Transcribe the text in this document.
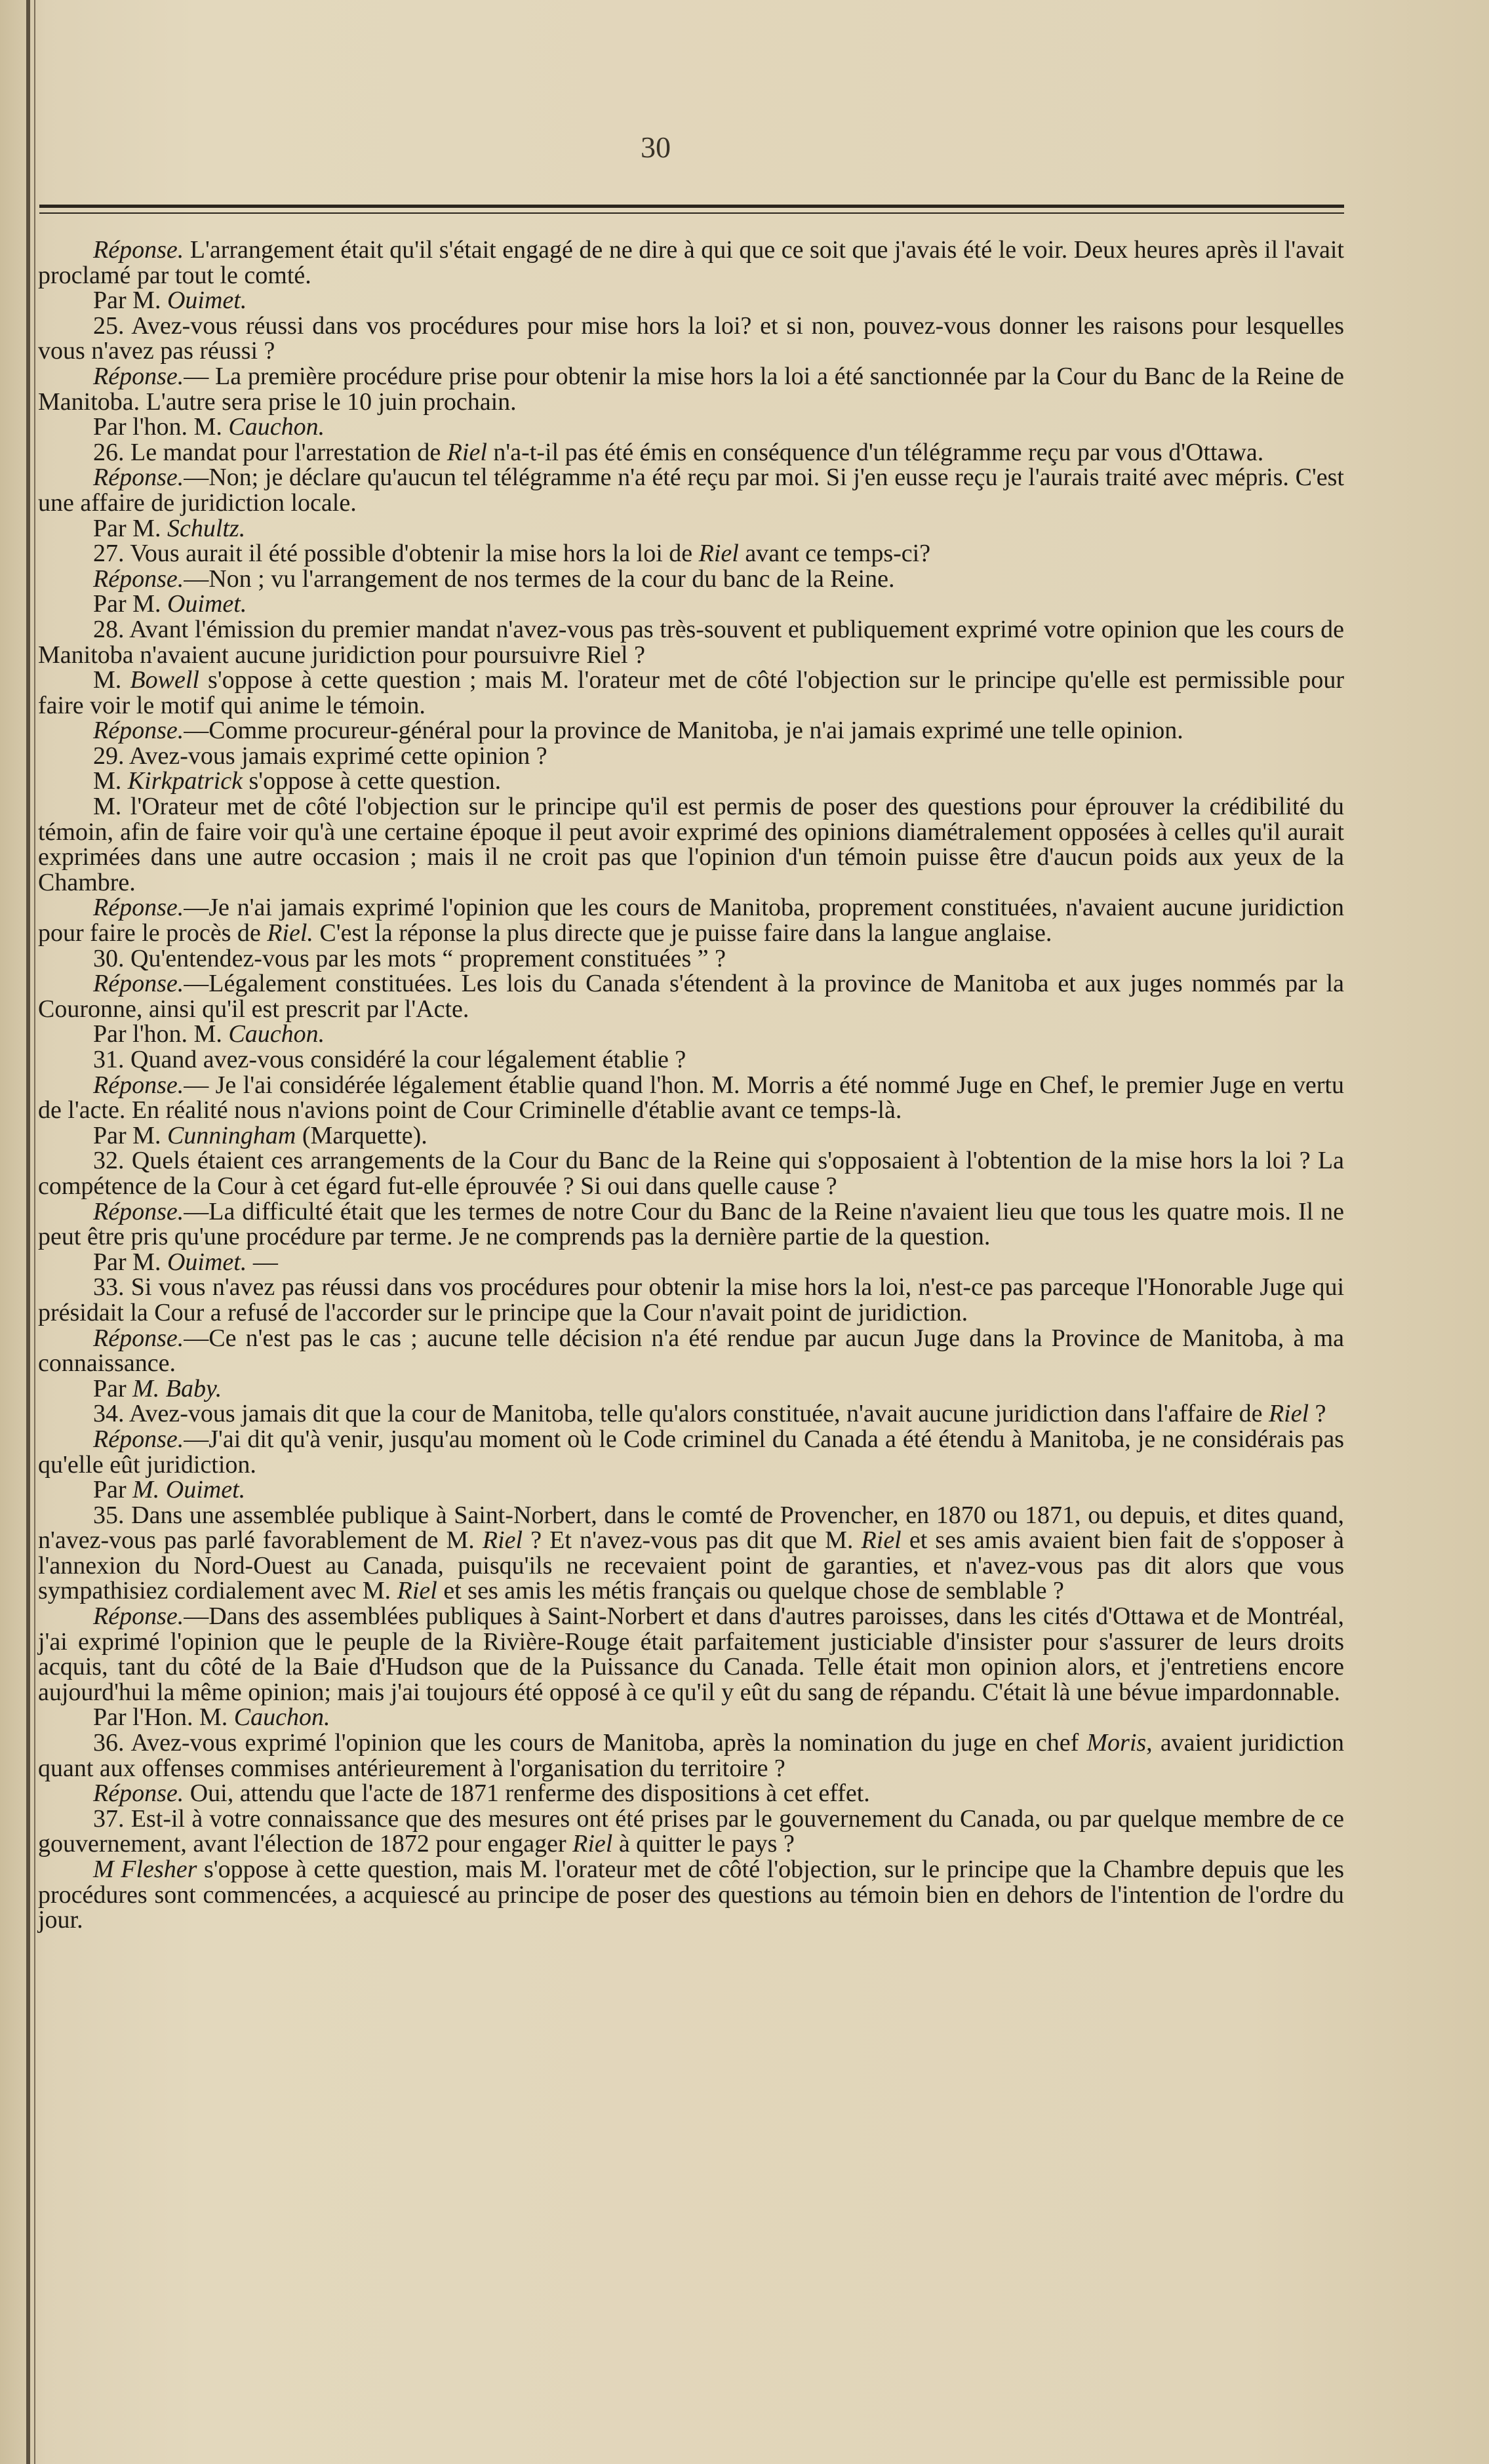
30

Réponse. L'arrangement était qu'il s'était engagé de ne dire à qui que ce soit que j'avais été le voir. Deux heures après il l'avait proclamé par tout le comté.

Par M. Ouimet.

25. Avez-vous réussi dans vos procédures pour mise hors la loi? et si non, pouvez-vous donner les raisons pour lesquelles vous n'avez pas réussi ?

Réponse.— La première procédure prise pour obtenir la mise hors la loi a été sanctionnée par la Cour du Banc de la Reine de Manitoba. L'autre sera prise le 10 juin prochain.

Par l'hon. M. Cauchon.

26. Le mandat pour l'arrestation de Riel n'a-t-il pas été émis en conséquence d'un télégramme reçu par vous d'Ottawa.

Réponse.—Non; je déclare qu'aucun tel télégramme n'a été reçu par moi. Si j'en eusse reçu je l'aurais traité avec mépris. C'est une affaire de juridiction locale.

Par M. Schultz.

27. Vous aurait il été possible d'obtenir la mise hors la loi de Riel avant ce temps-ci?

Réponse.—Non ; vu l'arrangement de nos termes de la cour du banc de la Reine.

Par M. Ouimet.

28. Avant l'émission du premier mandat n'avez-vous pas très-souvent et publiquement exprimé votre opinion que les cours de Manitoba n'avaient aucune juridiction pour poursuivre Riel ?

M. Bowell s'oppose à cette question ; mais M. l'orateur met de côté l'objection sur le principe qu'elle est permissible pour faire voir le motif qui anime le témoin.

Réponse.—Comme procureur-général pour la province de Manitoba, je n'ai jamais exprimé une telle opinion.

29. Avez-vous jamais exprimé cette opinion ?

M. Kirkpatrick s'oppose à cette question.

M. l'Orateur met de côté l'objection sur le principe qu'il est permis de poser des questions pour éprouver la crédibilité du témoin, afin de faire voir qu'à une certaine époque il peut avoir exprimé des opinions diamétralement opposées à celles qu'il aurait exprimées dans une autre occasion ; mais il ne croit pas que l'opinion d'un témoin puisse être d'aucun poids aux yeux de la Chambre.

Réponse.—Je n'ai jamais exprimé l'opinion que les cours de Manitoba, proprement constituées, n'avaient aucune juridiction pour faire le procès de Riel. C'est la réponse la plus directe que je puisse faire dans la langue anglaise.

30. Qu'entendez-vous par les mots “ proprement constituées ” ?

Réponse.—Légalement constituées. Les lois du Canada s'étendent à la province de Manitoba et aux juges nommés par la Couronne, ainsi qu'il est prescrit par l'Acte.

Par l'hon. M. Cauchon.

31. Quand avez-vous considéré la cour légalement établie ?

Réponse.— Je l'ai considérée légalement établie quand l'hon. M. Morris a été nommé Juge en Chef, le premier Juge en vertu de l'acte. En réalité nous n'avions point de Cour Criminelle d'établie avant ce temps-là.

Par M. Cunningham (Marquette).

32. Quels étaient ces arrangements de la Cour du Banc de la Reine qui s'opposaient à l'obtention de la mise hors la loi ? La compétence de la Cour à cet égard fut-elle éprouvée ? Si oui dans quelle cause ?

Réponse.—La difficulté était que les termes de notre Cour du Banc de la Reine n'avaient lieu que tous les quatre mois. Il ne peut être pris qu'une procédure par terme. Je ne comprends pas la dernière partie de la question.

Par M. Ouimet. —

33. Si vous n'avez pas réussi dans vos procédures pour obtenir la mise hors la loi, n'est-ce pas parceque l'Honorable Juge qui présidait la Cour a refusé de l'accorder sur le principe que la Cour n'avait point de juridiction.

Réponse.—Ce n'est pas le cas ; aucune telle décision n'a été rendue par aucun Juge dans la Province de Manitoba, à ma connaissance.

Par M. Baby.

34. Avez-vous jamais dit que la cour de Manitoba, telle qu'alors constituée, n'avait aucune juridiction dans l'affaire de Riel ?

Réponse.—J'ai dit qu'à venir, jusqu'au moment où le Code criminel du Canada a été étendu à Manitoba, je ne considérais pas qu'elle eût juridiction.

Par M. Ouimet.

35. Dans une assemblée publique à Saint-Norbert, dans le comté de Provencher, en 1870 ou 1871, ou depuis, et dites quand, n'avez-vous pas parlé favorablement de M. Riel ? Et n'avez-vous pas dit que M. Riel et ses amis avaient bien fait de s'opposer à l'annexion du Nord-Ouest au Canada, puisqu'ils ne recevaient point de garanties, et n'avez-vous pas dit alors que vous sympathisiez cordialement avec M. Riel et ses amis les métis français ou quelque chose de semblable ?

Réponse.—Dans des assemblées publiques à Saint-Norbert et dans d'autres paroisses, dans les cités d'Ottawa et de Montréal, j'ai exprimé l'opinion que le peuple de la Rivière-Rouge était parfaitement justiciable d'insister pour s'assurer de leurs droits acquis, tant du côté de la Baie d'Hudson que de la Puissance du Canada. Telle était mon opinion alors, et j'entretiens encore aujourd'hui la même opinion; mais j'ai toujours été opposé à ce qu'il y eût du sang de répandu. C'était là une bévue impardonnable.

Par l'Hon. M. Cauchon.

36. Avez-vous exprimé l'opinion que les cours de Manitoba, après la nomination du juge en chef Moris, avaient juridiction quant aux offenses commises antérieurement à l'organisation du territoire ?

Réponse. Oui, attendu que l'acte de 1871 renferme des dispositions à cet effet.

37. Est-il à votre connaissance que des mesures ont été prises par le gouvernement du Canada, ou par quelque membre de ce gouvernement, avant l'élection de 1872 pour engager Riel à quitter le pays ?

M Flesher s'oppose à cette question, mais M. l'orateur met de côté l'objection, sur le principe que la Chambre depuis que les procédures sont commencées, a acquiescé au principe de poser des questions au témoin bien en dehors de l'intention de l'ordre du jour.
